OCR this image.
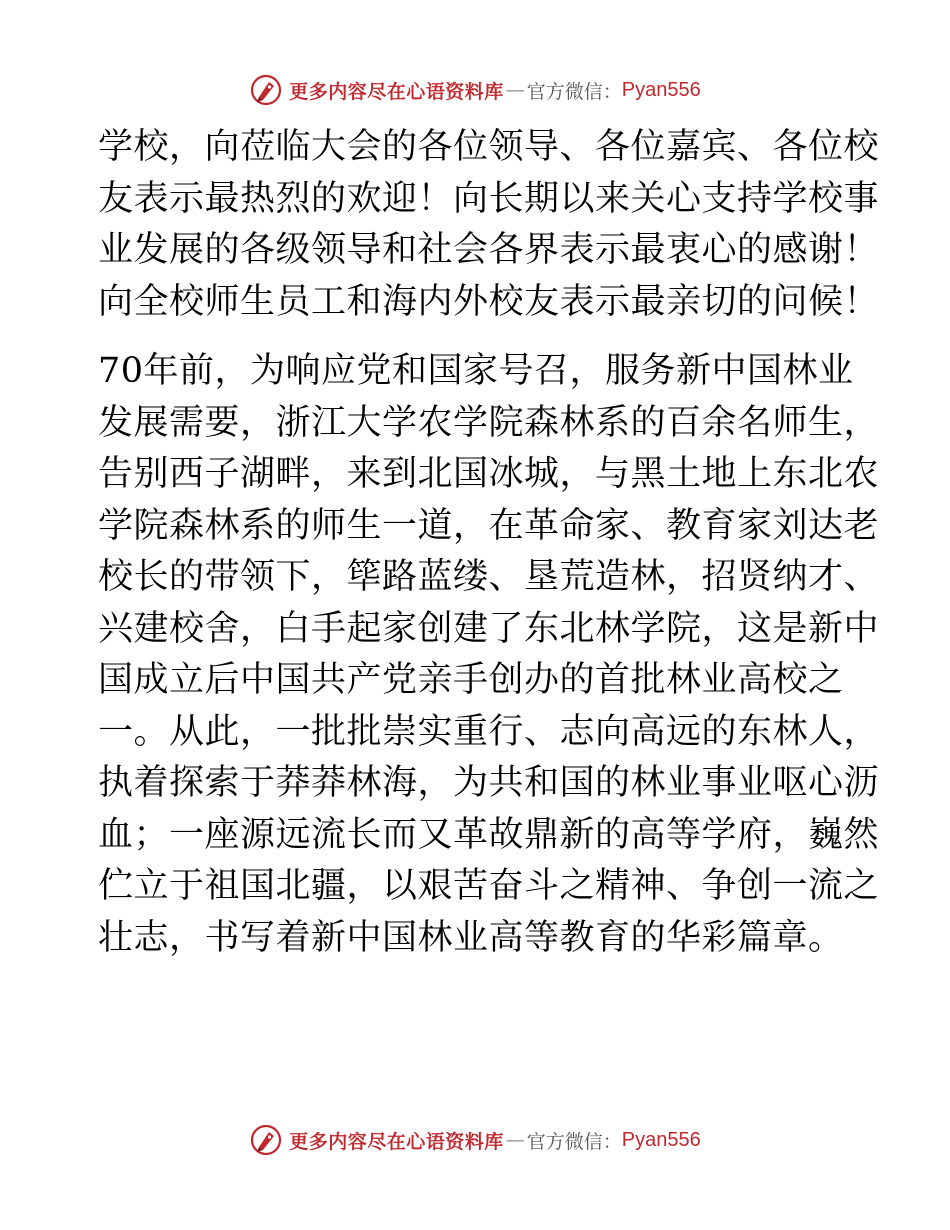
更多内容尽在心语资料库 — 官方微信： Pyan556

学校，向莅临大会的各位领导、各位嘉宾、各位校
友表示最热烈的欢迎！向长期以来关心支持学校事
业发展的各级领导和社会各界表示最衷心的感谢！
向全校师生员工和海内外校友表示最亲切的问候！

70年前，为响应党和国家号召，服务新中国林业
发展需要，浙江大学农学院森林系的百余名师生，
告别西子湖畔，来到北国冰城，与黑土地上东北农
学院森林系的师生一道，在革命家、教育家刘达老
校长的带领下，筚路蓝缕、垦荒造林，招贤纳才、
兴建校舍，白手起家创建了东北林学院，这是新中
国成立后中国共产党亲手创办的首批林业高校之
一。从此，一批批崇实重行、志向高远的东林人，
执着探索于莽莽林海，为共和国的林业事业呕心沥
血；一座源远流长而又革故鼎新的高等学府，巍然
伫立于祖国北疆，以艰苦奋斗之精神、争创一流之
壮志，书写着新中国林业高等教育的华彩篇章。

更多内容尽在心语资料库 — 官方微信： Pyan556
